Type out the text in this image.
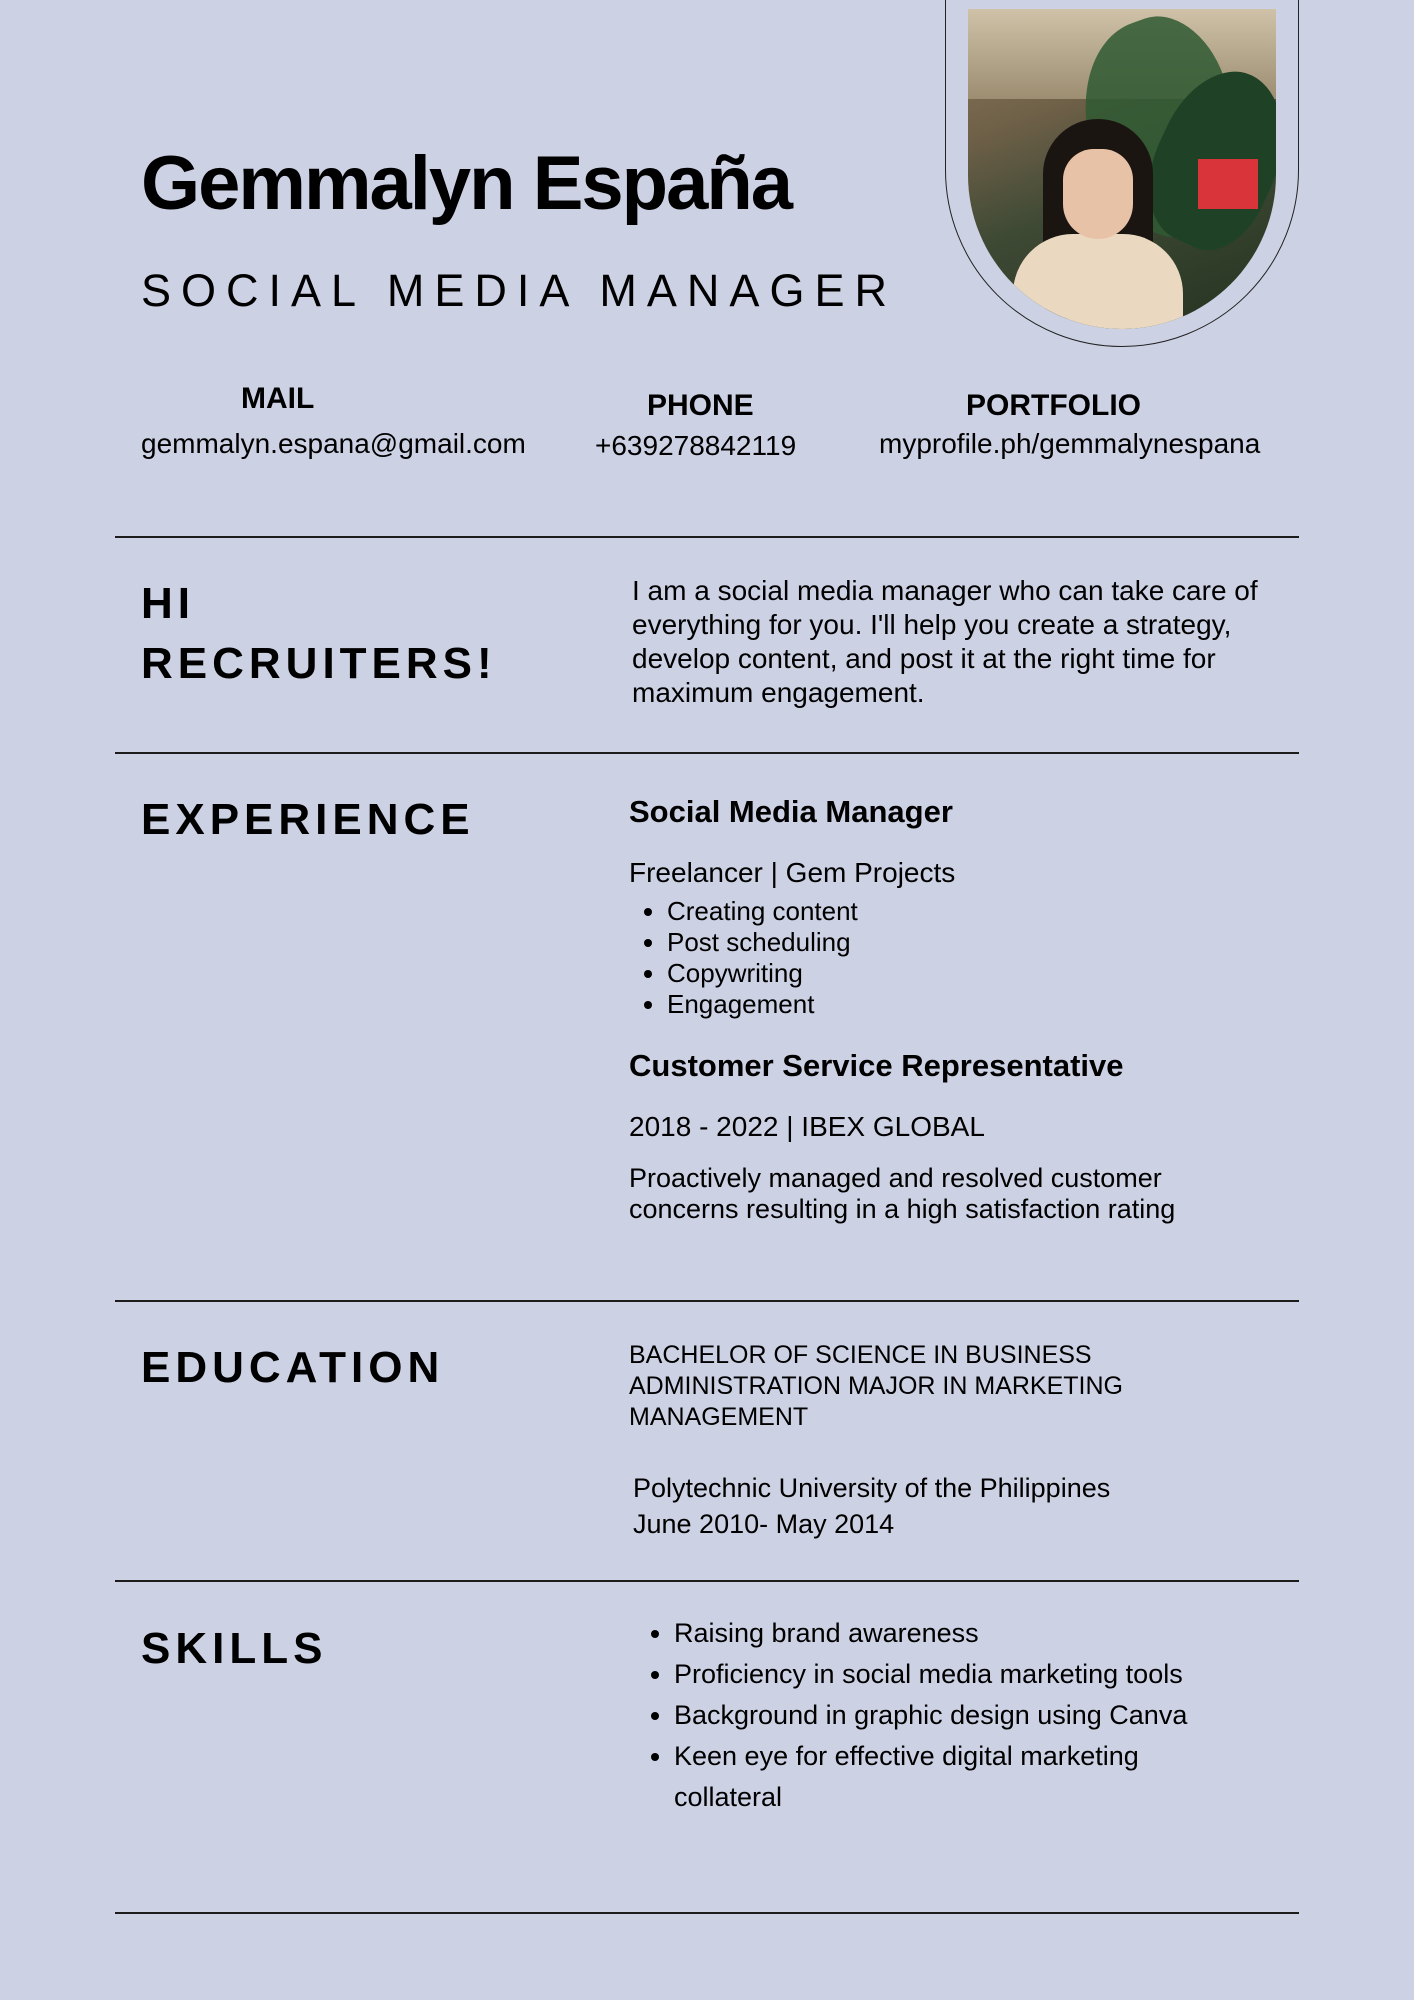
Gemmalyn España
SOCIAL MEDIA MANAGER
MAIL
gemmalyn.espana@gmail.com
PHONE
+639278842119
PORTFOLIO
myprofile.ph/gemmalynespana
HI
RECRUITERS!
I am a social media manager who can take care of everything for you. I'll help you create a strategy, develop content, and post it at the right time for maximum engagement.
EXPERIENCE	Social Media Manager
Freelancer | Gem Projects
• Creating content
• Post scheduling
• Copywriting
• Engagement
Customer Service Representative
2018 - 2022 | IBEX GLOBAL
Proactively managed and resolved customer concerns resulting in a high satisfaction rating
EDUCATION	BACHELOR OF SCIENCE IN BUSINESS ADMINISTRATION MAJOR IN MARKETING MANAGEMENT
Polytechnic University of the Philippines
June 2010- May 2014
SKILLS
•	Raising brand awareness
• Proficiency in social media marketing tools
• Background in graphic design using Canva
• Keen eye for effective digital marketing collateral
